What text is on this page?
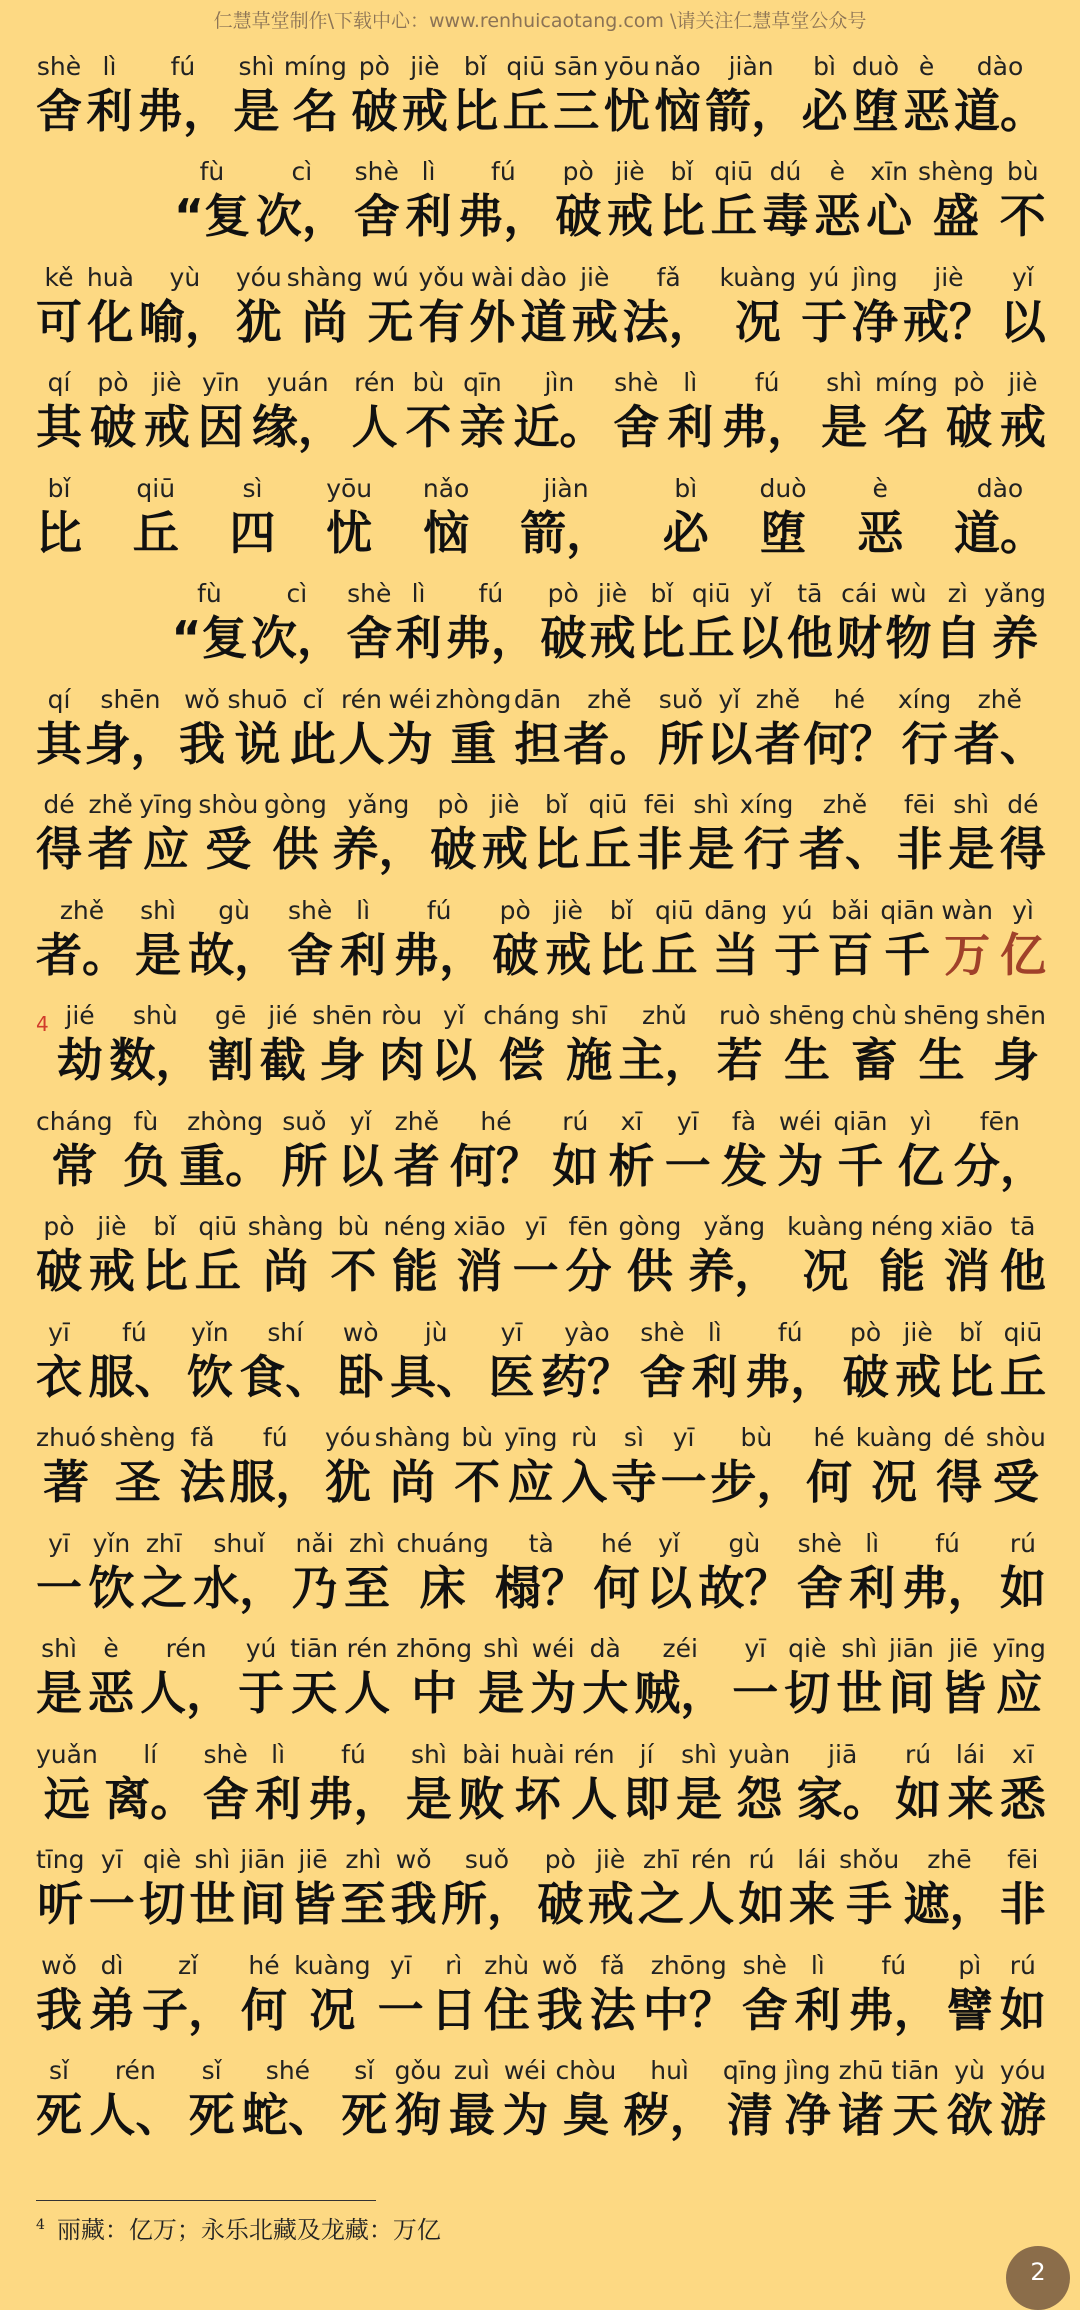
仁慧草堂制作\下载中心：www.renhuicaotang.com \请关注仁慧草堂公众号
shè
舍
lì
利
fú
弗，
shì
是
míng
名
pò
破
jiè
戒
bǐ
比
qiū
丘
sān
三
yōu
忧
nǎo
恼
jiàn
箭，
bì
必
duò
堕
è
恶
dào
道。
fù
“复
cì
次，
shè
舍
lì
利
fú
弗，
pò
破
jiè
戒
bǐ
比
qiū
丘
dú
毒
è
恶
xīn
心
shèng
盛
bù
不
kě
可
huà
化
yù
喻，
yóu
犹
shàng
尚
wú
无
yǒu
有
wài
外
dào
道
jiè
戒
fǎ
法，
kuàng
况
yú
于
jìng
净
jiè
戒？
yǐ
以
qí
其
pò
破
jiè
戒
yīn
因
yuán
缘，
rén
人
bù
不
qīn
亲
jìn
近。
shè
舍
lì
利
fú
弗，
shì
是
míng
名
pò
破
jiè
戒
bǐ
比
qiū
丘
sì
四
yōu
忧
nǎo
恼
jiàn
箭，
bì
必
duò
堕
è
恶
dào
道。
fù
“复
cì
次，
shè
舍
lì
利
fú
弗，
pò
破
jiè
戒
bǐ
比
qiū
丘
yǐ
以
tā
他
cái
财
wù
物
zì
自
yǎng
养
qí
其
shēn
身，
wǒ
我
shuō
说
cǐ
此
rén
人
wéi
为
zhòng
重
dān
担
zhě
者。
suǒ
所
yǐ
以
zhě
者
hé
何？
xíng
行
zhě
者、
dé
得
zhě
者
yīng
应
shòu
受
gòng
供
yǎng
养，
pò
破
jiè
戒
bǐ
比
qiū
丘
fēi
非
shì
是
xíng
行
zhě
者、
fēi
非
shì
是
dé
得
zhě
者。
shì
是
gù
故，
shè
舍
lì
利
fú
弗，
pò
破
jiè
戒
bǐ
比
qiū
丘
dāng
当
yú
于
bǎi
百
qiān
千
wàn
万
yì
亿
4 jié
劫
shù
数，
gē
割
jié
截
shēn
身
ròu
肉
yǐ
以
cháng
偿
shī
施
zhǔ
主，
ruò
若
shēng
生
chù
畜
shēng
生
shēn
身
cháng
常
fù
负
zhòng
重。
suǒ
所
yǐ
以
zhě
者
hé
何？
rú
如
xī
析
yī
一
fà
发
wéi
为
qiān
千
yì
亿
fēn
分，
pò
破
jiè
戒
bǐ
比
qiū
丘
shàng
尚
bù
不
néng
能
xiāo
消
yī
一
fēn
分
gòng
供
yǎng
养，
kuàng
况
néng
能
xiāo
消
tā
他
yī
衣
fú
服、
yǐn
饮
shí
食、
wò
卧
jù
具、
yī
医
yào
药？
shè
舍
lì
利
fú
弗，
pò
破
jiè
戒
bǐ
比
qiū
丘
zhuó
著
shèng
圣
fǎ
法
fú
服，
yóu
犹
shàng
尚
bù
不
yīng
应
rù
入
sì
寺
yī
一
bù
步，
hé
何
kuàng
况
dé
得
shòu
受
yī
一
yǐn
饮
zhī
之
shuǐ
水，
nǎi
乃
zhì
至
chuáng
床
tà
榻？
hé
何
yǐ
以
gù
故？
shè
舍
lì
利
fú
弗，
rú
如
shì
是
è
恶
rén
人，
yú
于
tiān
天
rén
人
zhōng
中
shì
是
wéi
为
dà
大
zéi
贼，
yī
一
qiè
切
shì
世
jiān
间
jiē
皆
yīng
应
yuǎn
远
lí
离。
shè
舍
lì
利
fú
弗，
shì
是
bài
败
huài
坏
rén
人
jí
即
shì
是
yuàn
怨
jiā
家。
rú
如
lái
来
xī
悉
tīng
听
yī
一
qiè
切
shì
世
jiān
间
jiē
皆
zhì
至
wǒ
我
suǒ
所，
pò
破
jiè
戒
zhī
之
rén
人
rú
如
lái
来
shǒu
手
zhē
遮，
fēi
非
wǒ
我
dì
弟
zǐ
子，
hé
何
kuàng
况
yī
一
rì
日
zhù
住
wǒ
我
fǎ
法
zhōng
中？
shè
舍
lì
利
fú
弗，
pì
譬
rú
如
sǐ
死
rén
人、
sǐ
死
shé
蛇、
sǐ
死
gǒu
狗
zuì
最
wéi
为
chòu
臭
huì
秽，
qīng
清
jìng
净
zhū
诸
tiān
天
yù
欲
yóu
游
$^4$ 丽藏：亿万；永乐北藏及龙藏：万亿
2
